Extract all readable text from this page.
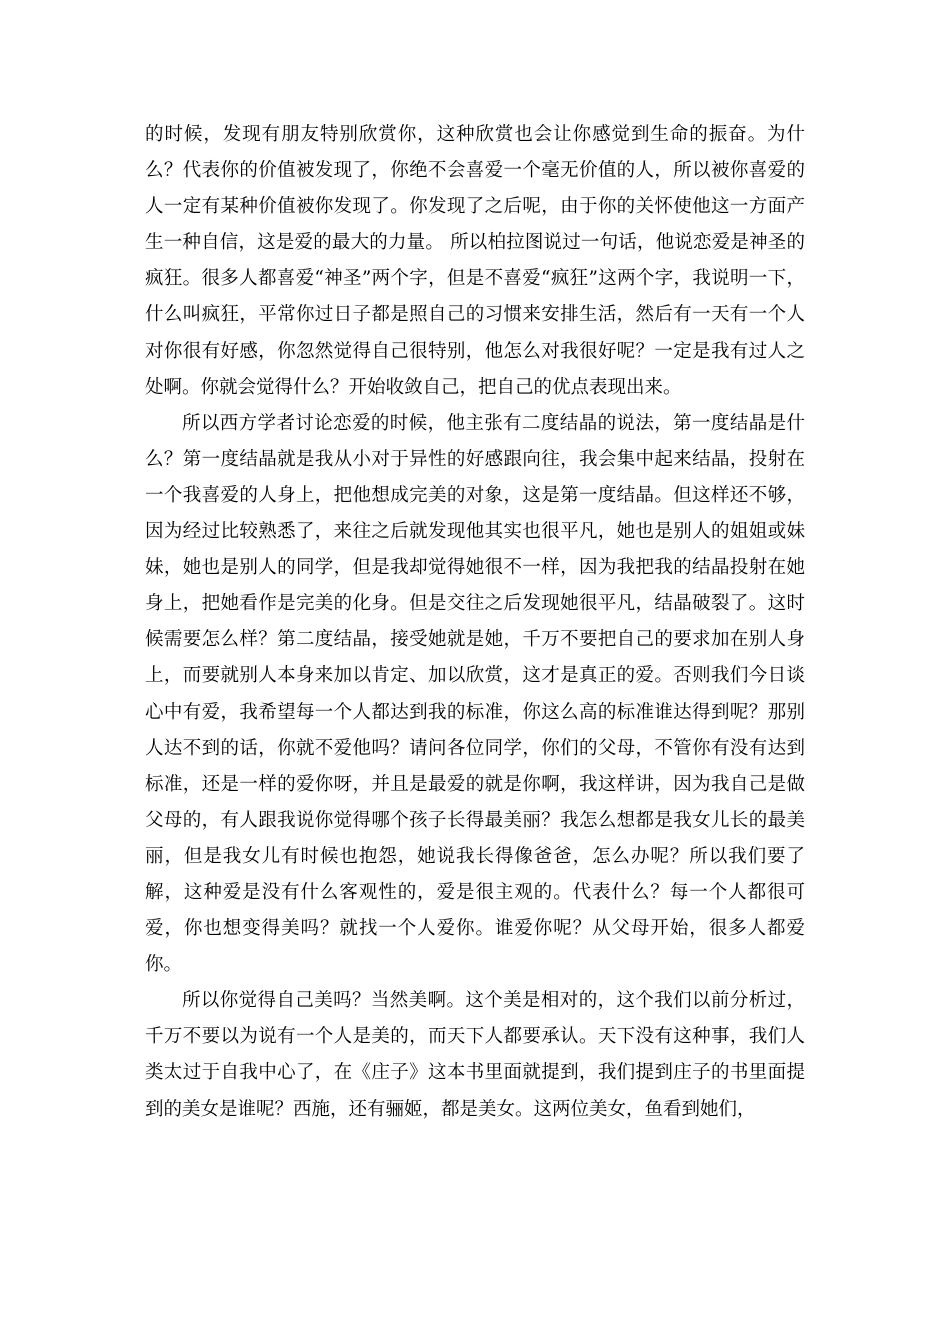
的时候，发现有朋友特别欣赏你，这种欣赏也会让你感觉到生命的振奋。为什么？代表你的价值被发现了，你绝不会喜爱一个毫无价值的人，所以被你喜爱的人一定有某种价值被你发现了。你发现了之后呢，由于你的关怀使他这一方面产生一种自信，这是爱的最大的力量。 所以柏拉图说过一句话，他说恋爱是神圣的疯狂。很多人都喜爱“神圣”两个字，但是不喜爱“疯狂”这两个字，我说明一下，什么叫疯狂，平常你过日子都是照自己的习惯来安排生活，然后有一天有一个人对你很有好感，你忽然觉得自己很特别，他怎么对我很好呢？一定是我有过人之处啊。你就会觉得什么？开始收敛自己，把自己的优点表现出来。

所以西方学者讨论恋爱的时候，他主张有二度结晶的说法，第一度结晶是什么？第一度结晶就是我从小对于异性的好感跟向往，我会集中起来结晶，投射在一个我喜爱的人身上，把他想成完美的对象，这是第一度结晶。但这样还不够，因为经过比较熟悉了，来往之后就发现他其实也很平凡，她也是别人的姐姐或妹妹，她也是别人的同学，但是我却觉得她很不一样，因为我把我的结晶投射在她身上，把她看作是完美的化身。但是交往之后发现她很平凡，结晶破裂了。这时候需要怎么样？第二度结晶，接受她就是她，千万不要把自己的要求加在别人身上，而要就别人本身来加以肯定、加以欣赏，这才是真正的爱。否则我们今日谈心中有爱，我希望每一个人都达到我的标准，你这么高的标准谁达得到呢？那别人达不到的话，你就不爱他吗？请问各位同学，你们的父母，不管你有没有达到标准，还是一样的爱你呀，并且是最爱的就是你啊，我这样讲，因为我自己是做父母的，有人跟我说你觉得哪个孩子长得最美丽？我怎么想都是我女儿长的最美丽，但是我女儿有时候也抱怨，她说我长得像爸爸，怎么办呢？所以我们要了解，这种爱是没有什么客观性的，爱是很主观的。代表什么？每一个人都很可爱，你也想变得美吗？就找一个人爱你。谁爱你呢？从父母开始，很多人都爱你。

所以你觉得自己美吗？当然美啊。这个美是相对的，这个我们以前分析过，千万不要以为说有一个人是美的，而天下人都要承认。天下没有这种事，我们人类太过于自我中心了，在《庄子》这本书里面就提到，我们提到庄子的书里面提到的美女是谁呢？西施，还有骊姬，都是美女。这两位美女，鱼看到她们，
